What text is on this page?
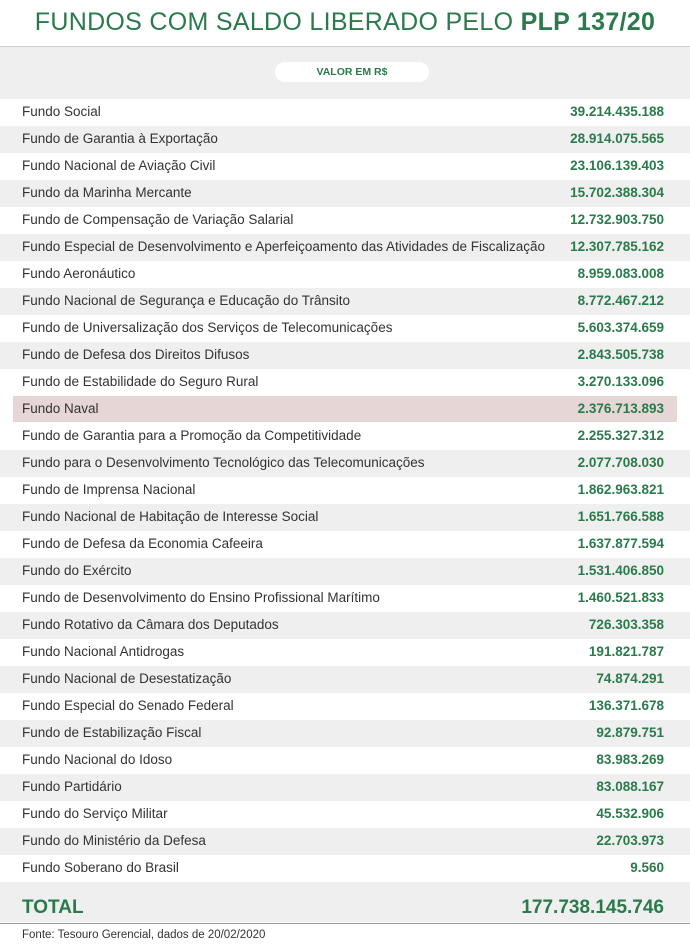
FUNDOS COM SALDO LIBERADO PELO PLP 137/20
VALOR EM R$
Fundo Social	39.214.435.188
Fundo de Garantia à Exportação	28.914.075.565
Fundo Nacional de Aviação Civil	23.106.139.403
Fundo da Marinha Mercante	15.702.388.304
Fundo de Compensação de Variação Salarial	12.732.903.750
Fundo Especial de Desenvolvimento e Aperfeiçoamento das Atividades de Fiscalização 12.307.785.162
Fundo Aeronáutico	8.959.083.008
Fundo Nacional de Segurança e Educação do Trânsito	8.772.467.212
Fundo de Universalização dos Serviços de Telecomunicações	5.603.374.659
Fundo de Defesa dos Direitos Difusos	2.843.505.738
Fundo de Estabilidade do Seguro Rural	3.270.133.096
Fundo Naval	2.376.713.893
Fundo de Garantia para a Promoção da Competitividade	2.255.327.312
Fundo para o Desenvolvimento Tecnológico das Telecomunicações	2.077.708.030
Fundo de Imprensa Nacional	1.862.963.821
Fundo Nacional de Habitação de Interesse Social	1.651.766.588
Fundo de Defesa da Economia Cafeeira	1.637.877.594
Fundo do Exército	1.531.406.850
Fundo de Desenvolvimento do Ensino Profissional Marítimo	1.460.521.833
Fundo Rotativo da Câmara dos Deputados	726.303.358
Fundo Nacional Antidrogas	191.821.787
Fundo Nacional de Desestatização	74.874.291
Fundo Especial do Senado Federal	136.371.678
Fundo de Estabilização Fiscal	92.879.751
Fundo Nacional do Idoso	83.983.269
Fundo Partidário	83.088.167
Fundo do Serviço Militar	45.532.906
Fundo do Ministério da Defesa	22.703.973
Fundo Soberano do Brasil	9.560
TOTAL	177.738.145.746
Fonte: Tesouro Gerencial, dados de 20/02/2020
